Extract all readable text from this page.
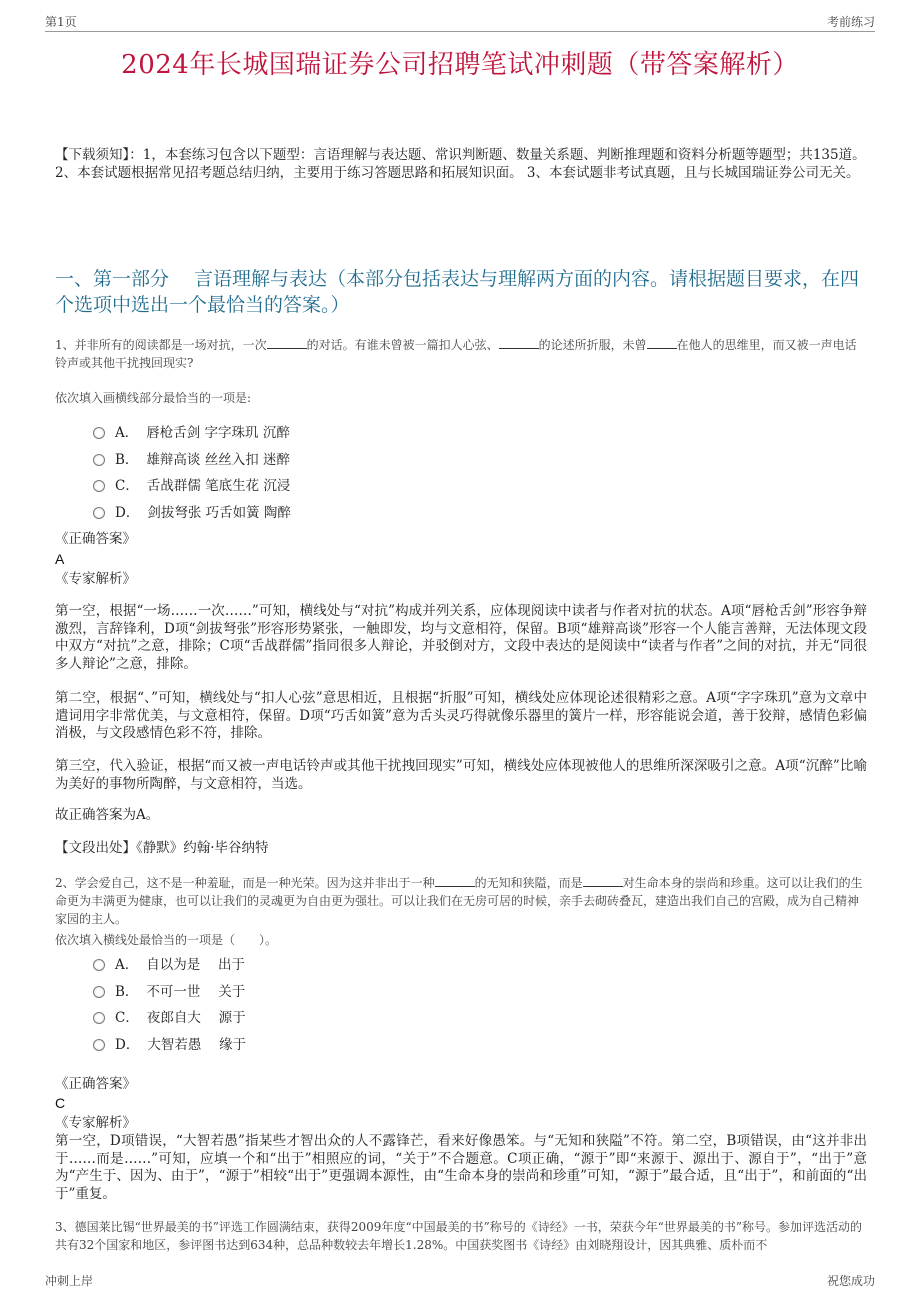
第1页	考前练习
2024年长城国瑞证券公司招聘笔试冲刺题（带答案解析）
【下载须知】：1，本套练习包含以下题型：言语理解与表达题、常识判断题、数量关系题、判断推理题和资料分析题等题型；共135道。 2、本套试题根据常见招考题总结归纳，主要用于练习答题思路和拓展知识面。 3、本套试题非考试真题，且与长城国瑞证券公司无关。
一、第一部分　 言语理解与表达（本部分包括表达与理解两方面的内容。请根据题目要求，在四个选项中选出一个最恰当的答案。）
1、并非所有的阅读都是一场对抗，一次	的对话。有谁未曾被一篇扣人心弦、	的论述所折服，未曾	在他人的思维里，而又被一声电话铃声或其他干扰拽回现实?
依次填入画横线部分最恰当的一项是:
A． 唇枪舌剑 字字珠玑 沉醉
B． 雄辩高谈 丝丝入扣 迷醉
C． 舌战群儒 笔底生花 沉浸
D． 剑拔弩张 巧舌如簧 陶醉
《正确答案》
A
《专家解析》
第一空，根据“一场……一次……”可知，横线处与“对抗”构成并列关系，应体现阅读中读者与作者对抗的状态。A项“唇枪舌剑”形容争辩激烈，言辞锋利，D项“剑拔弩张”形容形势紧张，一触即发，均与文意相符，保留。B项“雄辩高谈”形容一个人能言善辩，无法体现文段中双方“对抗”之意，排除；C项“舌战群儒”指同很多人辩论，并驳倒对方，文段中表达的是阅读中“读者与作者”之间的对抗，并无“同很多人辩论”之意，排除。
第二空，根据“、”可知，横线处与“扣人心弦”意思相近，且根据“折服”可知，横线处应体现论述很精彩之意。A项“字字珠玑”意为文章中遣词用字非常优美，与文意相符，保留。D项“巧舌如簧”意为舌头灵巧得就像乐器里的簧片一样，形容能说会道，善于狡辩，感情色彩偏消极，与文段感情色彩不符，排除。
第三空，代入验证，根据“而又被一声电话铃声或其他干扰拽回现实”可知，横线处应体现被他人的思维所深深吸引之意。A项“沉醉”比喻为美好的事物所陶醉，与文意相符，当选。
故正确答案为A。
【文段出处】《静默》约翰·毕谷纳特
2、学会爱自己，这不是一种羞耻，而是一种光荣。因为这并非出于一种	的无知和狭隘，而是	对生命本身的崇尚和珍重。这可以让我们的生命更为丰满更为健康，也可以让我们的灵魂更为自由更为强壮。可以让我们在无房可居的时候，亲手去砌砖叠瓦，建造出我们自己的宫殿，成为自己精神家园的主人。
依次填入横线处最恰当的一项是（　　）。
A． 自以为是　 出于
B． 不可一世　 关于
C． 夜郎自大　 源于
D． 大智若愚　 缘于
《正确答案》
C
《专家解析》
第一空，D项错误，“大智若愚”指某些才智出众的人不露锋芒，看来好像愚笨。与“无知和狭隘”不符。第二空，B项错误，由“这并非出于……而是……”可知，应填一个和“出于”相照应的词，“关于”不合题意。C项正确，“源于”即“来源于、源出于、源自于”，“出于”意为“产生于、因为、由于”，“源于”相较“出于”更强调本源性，由“生命本身的崇尚和珍重”可知，“源于”最合适，且“出于”，和前面的“出于”重复。
3、德国莱比锡“世界最美的书”评选工作圆满结束，获得2009年度“中国最美的书”称号的《诗经》一书，荣获今年“世界最美的书”称号。参加评选活动的共有32个国家和地区，参评图书达到634种，总品种数较去年增长1.28%。中国获奖图书《诗经》由刘晓翔设计，因其典雅、质朴而不
冲刺上岸	祝您成功
